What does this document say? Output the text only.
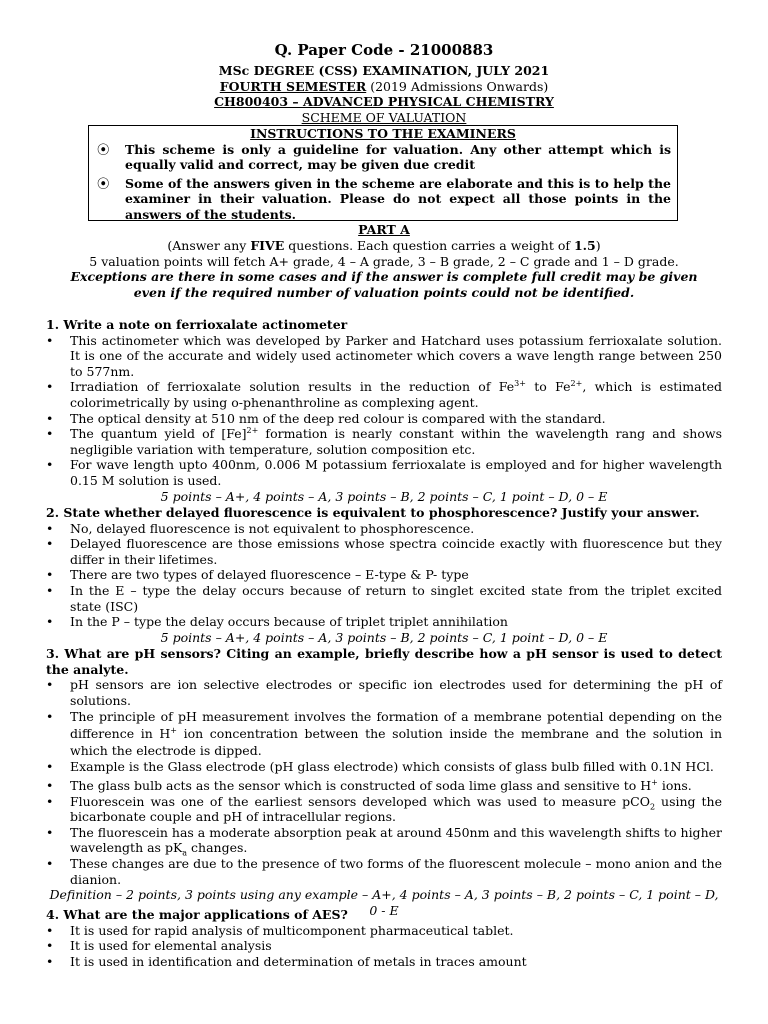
Q. Paper Code - 21000883
MSc DEGREE (CSS) EXAMINATION, JULY 2021
FOURTH SEMESTER (2019 Admissions Onwards)
CH800403 – ADVANCED PHYSICAL CHEMISTRY
SCHEME OF VALUATION
INSTRUCTIONS TO THE EXAMINERS
⦿ This scheme is only a guideline for valuation. Any other attempt which is equally valid and correct, may be given due credit
⦿ Some of the answers given in the scheme are elaborate and this is to help the examiner in their valuation. Please do not expect all those points in the answers of the students.
PART A
(Answer any FIVE questions. Each question carries a weight of 1.5)
5 valuation points will fetch A+ grade, 4 – A grade, 3 – B grade, 2 – C grade and 1 – D grade.
Exceptions are there in some cases and if the answer is complete full credit may be given even if the required number of valuation points could not be identified.
1. Write a note on ferrioxalate actinometer
• This actinometer which was developed by Parker and Hatchard uses potassium ferrioxalate solution. It is one of the accurate and widely used actinometer which covers a wave length range between 250 to 577nm.
• Irradiation of ferrioxalate solution results in the reduction of $Fe^{3+}$ to $Fe^{2+}$, which is estimated colorimetrically by using o-phenanthroline as complexing agent.
• The optical density at 510 nm of the deep red colour is compared with the standard.
• The quantum yield of $[Fe]^{2+}$ formation is nearly constant within the wavelength rang and shows negligible variation with temperature, solution composition etc.
• For wave length upto 400nm, 0.006 M potassium ferrioxalate is employed and for higher wavelength 0.15 M solution is used.
5 points – A+, 4 points – A, 3 points – B, 2 points – C, 1 point – D, 0 – E
2. State whether delayed fluorescence is equivalent to phosphorescence? Justify your answer.
• No, delayed fluorescence is not equivalent to phosphorescence.
• Delayed fluorescence are those emissions whose spectra coincide exactly with fluorescence but they differ in their lifetimes.
• There are two types of delayed fluorescence – E-type & P- type
• In the E – type the delay occurs because of return to singlet excited state from the triplet excited state (ISC)
• In the P – type the delay occurs because of triplet triplet annihilation
5 points – A+, 4 points – A, 3 points – B, 2 points – C, 1 point – D, 0 – E
3. What are pH sensors? Citing an example, briefly describe how a pH sensor is used to detect the analyte.
• pH sensors are ion selective electrodes or specific ion electrodes used for determining the pH of solutions.
• The principle of pH measurement involves the formation of a membrane potential depending on the difference in H+ ion concentration between the solution inside the membrane and the solution in which the electrode is dipped.
• Example is the Glass electrode (pH glass electrode) which consists of glass bulb filled with 0.1N HCl.
• The glass bulb acts as the sensor which is constructed of soda lime glass and sensitive to H+ ions.
• Fluorescein was one of the earliest sensors developed which was used to measure pCO$_2$ using the bicarbonate couple and pH of intracellular regions.
• The fluorescein has a moderate absorption peak at around 450nm and this wavelength shifts to higher wavelength as $pK_a$ changes.
• These changes are due to the presence of two forms of the fluorescent molecule – mono anion and the dianion.
Definition – 2 points, 3 points using any example – A+, 4 points – A, 3 points – B, 2 points – C, 1 point – D, 0 - E
4. What are the major applications of AES?
• It is used for rapid analysis of multicomponent pharmaceutical tablet.
• It is used for elemental analysis
• It is used in identification and determination of metals in traces amount
